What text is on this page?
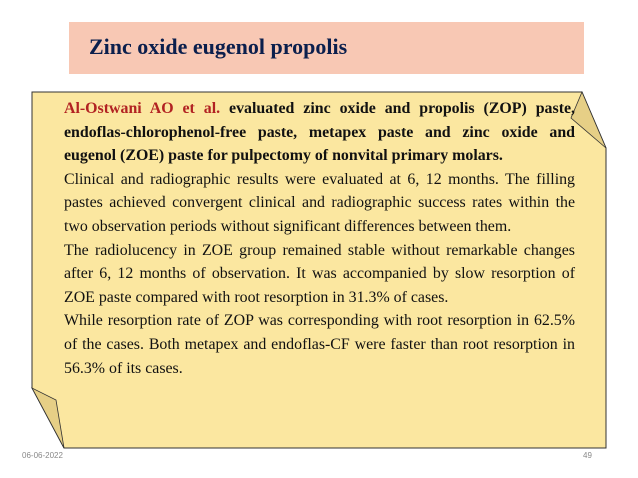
Zinc oxide eugenol propolis

Al-Ostwani AO et al. evaluated zinc oxide and propolis (ZOP) paste, endoflas-chlorophenol-free paste, metapex paste and zinc oxide and eugenol (ZOE) paste for pulpectomy of nonvital primary molars.

Clinical and radiographic results were evaluated at 6, 12 months. The filling pastes achieved convergent clinical and radiographic success rates within the two observation periods without significant differences between them.

The radiolucency in ZOE group remained stable without remarkable changes after 6, 12 months of observation. It was accompanied by slow resorption of ZOE paste compared with root resorption in 31.3% of cases.

While resorption rate of ZOP was corresponding with root resorption in 62.5% of the cases. Both metapex and endoflas-CF were faster than root resorption in 56.3% of its cases.

06-06-2022	49
